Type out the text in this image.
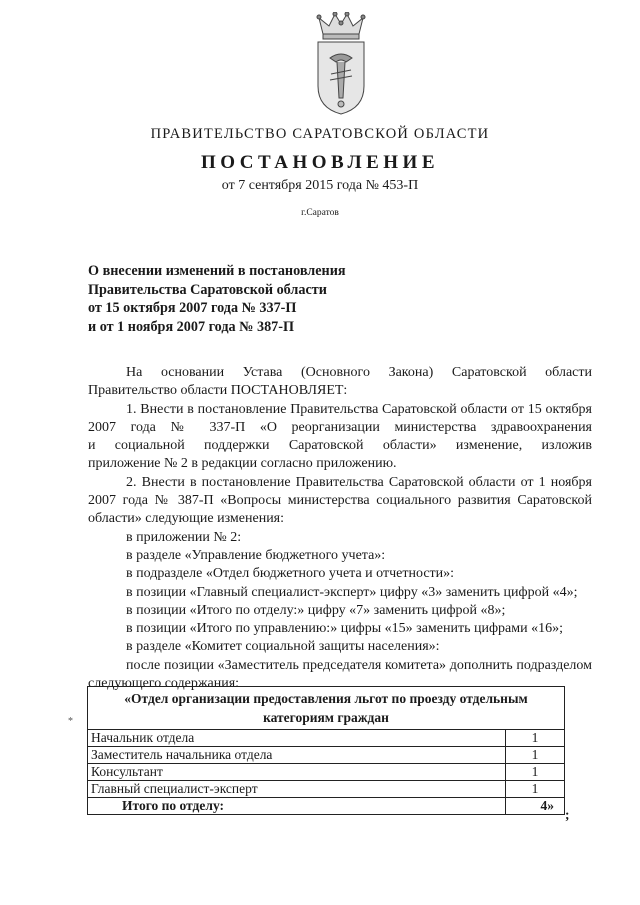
ПРАВИТЕЛЬСТВО САРАТОВСКОЙ ОБЛАСТИ
ПОСТАНОВЛЕНИЕ
от 7 сентября 2015 года № 453-П
г.Саратов
О внесении изменений в постановления
Правительства Саратовской области
от 15 октября 2007 года № 337-П
и от 1 ноября 2007 года № 387-П

На основании Устава (Основного Закона) Саратовской области

Правительство области ПОСТАНОВЛЯЕТ:

1. Внести в постановление Правительства Саратовской области от 15 октября

2007 года № 337-П «О реорганизации министерства здравоохранения

и социальной поддержки Саратовской области» изменение, изложив

приложение № 2 в редакции согласно приложению.

2. Внести в постановление Правительства Саратовской области от 1 ноября

2007 года № 387-П «Вопросы министерства социального развития Саратовской

области» следующие изменения:

в приложении № 2:

в разделе «Управление бюджетного учета»:

в подразделе «Отдел бюджетного учета и отчетности»:

в позиции «Главный специалист-эксперт» цифру «3» заменить цифрой «4»;

в позиции «Итого по отделу:» цифру «7» заменить цифрой «8»;

в позиции «Итого по управлению:» цифры «15» заменить цифрами «16»;

в разделе «Комитет социальной защиты населения»:

после позиции «Заместитель председателя комитета» дополнить подразделом

следующего содержания:

*
«Отдел организации предоставления льгот по проезду отдельным категориям граждан	
Начальник отдела	1
Заместитель начальника отдела	1
Консультант	1
Главный специалист-эксперт	1
Итого по отделу:	4»
;
